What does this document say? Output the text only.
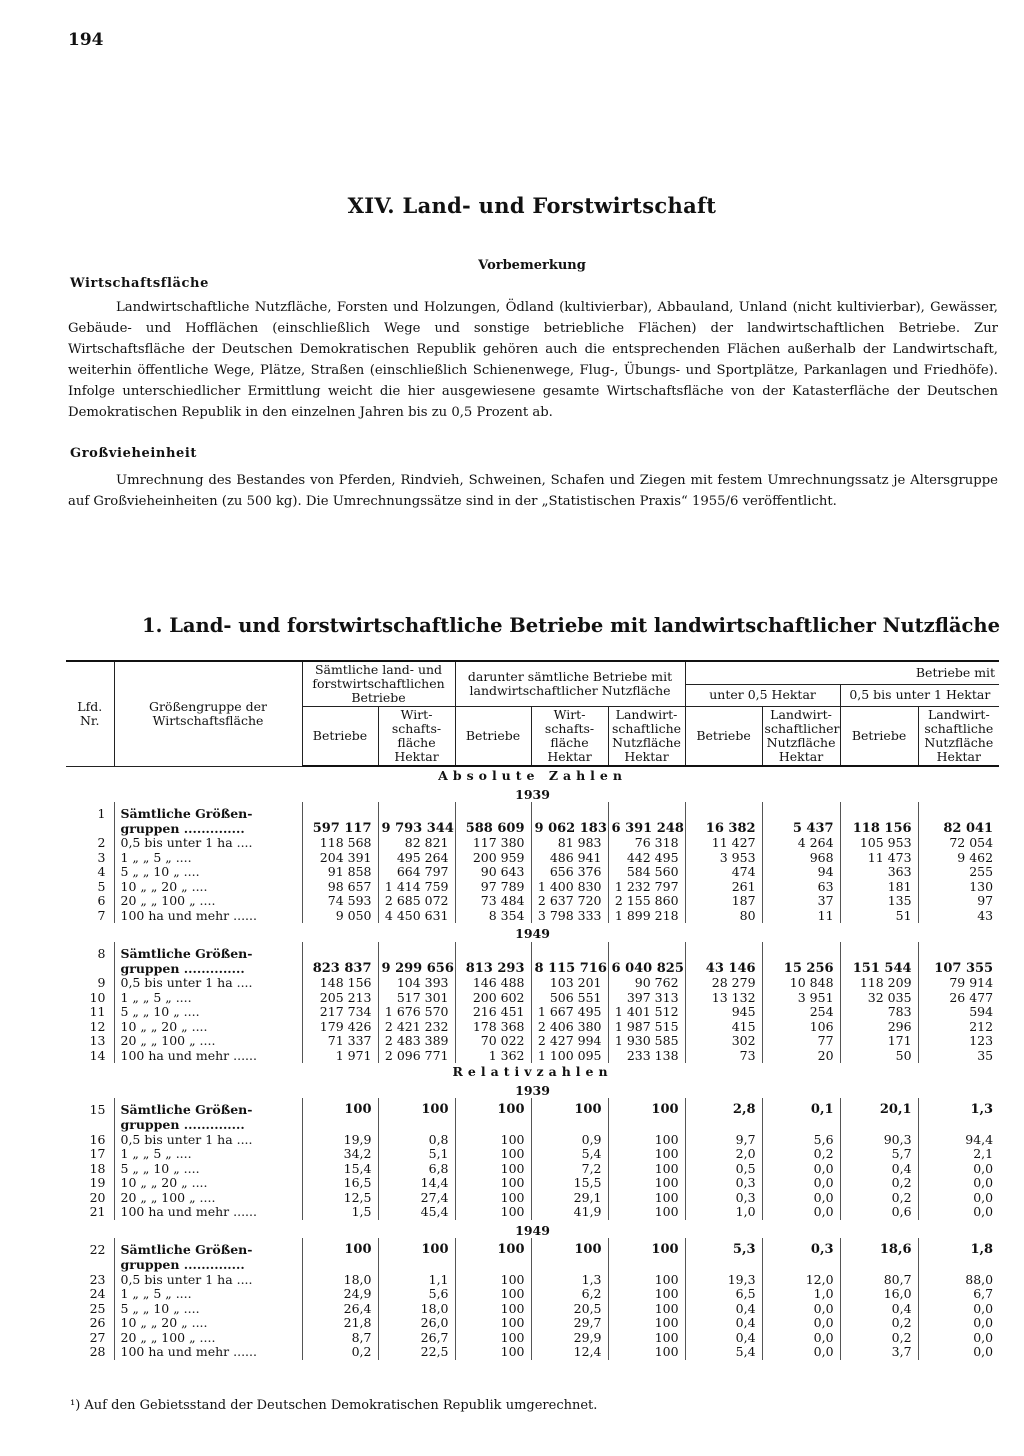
194
XIV. Land- und Forstwirtschaft
Vorbemerkung
Wirtschaftsfläche
Landwirtschaftliche Nutzfläche, Forsten und Holzungen, Ödland (kultivierbar), Abbauland, Unland (nicht kultivierbar), Gewässer, Gebäude- und Hofflächen (einschließlich Wege und sonstige betriebliche Flächen) der landwirtschaftlichen Betriebe. Zur Wirtschaftsfläche der Deutschen Demokratischen Republik gehören auch die entsprechenden Flächen außerhalb der Landwirtschaft, weiterhin öffentliche Wege, Plätze, Straßen (einschließlich Schienenwege, Flug-, Übungs- und Sportplätze, Parkanlagen und Friedhöfe). Infolge unterschiedlicher Ermittlung weicht die hier ausgewiesene gesamte Wirtschaftsfläche von der Katasterfläche der Deutschen Demokratischen Republik in den einzelnen Jahren bis zu 0,5 Prozent ab.
Großvieheinheit
Umrechnung des Bestandes von Pferden, Rindvieh, Schweinen, Schafen und Ziegen mit festem Umrechnungssatz je Altersgruppe auf Großvieheinheiten (zu 500 kg). Die Umrechnungssätze sind in der „Statistischen Praxis“ 1955/6 veröffentlicht.
1. Land- und forstwirtschaftliche Betriebe mit landwirtschaftlicher Nutzfläche
Lfd. Nr.	Größengruppe der Wirtschaftsfläche	Sämtliche land- und forstwirtschaftlichen Betriebe		darunter sämtliche Betriebe mit landwirtschaftlicher Nutzfläche			Betriebe mit			
							unter 0,5 Hektar		0,5 bis unter 1 Hektar	
		Betriebe	Wirt-schafts-fläche Hektar	Betriebe	Wirt-schafts-fläche Hektar	Landwirt-schaftliche Nutzfläche Hektar	Betriebe	Landwirt-schaftlicher Nutzfläche Hektar	Betriebe	Landwirt-schaftliche Nutzfläche Hektar
Absolute Zahlen										
1939										

1	Sämtliche Größen-									
	gruppen ..............	597 117	9 793 344	588 609	9 062 183	6 391 248	16 382	5 437	118 156	82 041
2	0,5 bis unter 1 ha ....	118 568	82 821	117 380	81 983	76 318	11 427	4 264	105 953	72 054
3	1 „ „ 5 „ ....	204 391	495 264	200 959	486 941	442 495	3 953	968	11 473	9 462
4	5 „ „ 10 „ ....	91 858	664 797	90 643	656 376	584 560	474	94	363	255
5	10 „ „ 20 „ ....	98 657	1 414 759	97 789	1 400 830	1 232 797	261	63	181	130
6	20 „ „ 100 „ ....	74 593	2 685 072	73 484	2 637 720	2 155 860	187	37	135	97
7	100 ha und mehr ......	9 050	4 450 631	8 354	3 798 333	1 899 218	80	11	51	43
1949										

8	Sämtliche Größen-									
	gruppen ..............	823 837	9 299 656	813 293	8 115 716	6 040 825	43 146	15 256	151 544	107 355
9	0,5 bis unter 1 ha ....	148 156	104 393	146 488	103 201	90 762	28 279	10 848	118 209	79 914
10	1 „ „ 5 „ ....	205 213	517 301	200 602	506 551	397 313	13 132	3 951	32 035	26 477
11	5 „ „ 10 „ ....	217 734	1 676 570	216 451	1 667 495	1 401 512	945	254	783	594
12	10 „ „ 20 „ ....	179 426	2 421 232	178 368	2 406 380	1 987 515	415	106	296	212
13	20 „ „ 100 „ ....	71 337	2 483 389	70 022	2 427 994	1 930 585	302	77	171	123
14	100 ha und mehr ......	1 971	2 096 771	1 362	1 100 095	233 138	73	20	50	35
Relativzahlen										
1939										

15	Sämtliche Größen-	100	100	100	100	100	2,8	0,1	20,1	1,3
	gruppen ..............									
16	0,5 bis unter 1 ha ....	19,9	0,8	100	0,9	100	9,7	5,6	90,3	94,4
17	1 „ „ 5 „ ....	34,2	5,1	100	5,4	100	2,0	0,2	5,7	2,1
18	5 „ „ 10 „ ....	15,4	6,8	100	7,2	100	0,5	0,0	0,4	0,0
19	10 „ „ 20 „ ....	16,5	14,4	100	15,5	100	0,3	0,0	0,2	0,0
20	20 „ „ 100 „ ....	12,5	27,4	100	29,1	100	0,3	0,0	0,2	0,0
21	100 ha und mehr ......	1,5	45,4	100	41,9	100	1,0	0,0	0,6	0,0
1949										

22	Sämtliche Größen-	100	100	100	100	100	5,3	0,3	18,6	1,8
	gruppen ..............									
23	0,5 bis unter 1 ha ....	18,0	1,1	100	1,3	100	19,3	12,0	80,7	88,0
24	1 „ „ 5 „ ....	24,9	5,6	100	6,2	100	6,5	1,0	16,0	6,7
25	5 „ „ 10 „ ....	26,4	18,0	100	20,5	100	0,4	0,0	0,4	0,0
26	10 „ „ 20 „ ....	21,8	26,0	100	29,7	100	0,4	0,0	0,2	0,0
27	20 „ „ 100 „ ....	8,7	26,7	100	29,9	100	0,4	0,0	0,2	0,0
28	100 ha und mehr ......	0,2	22,5	100	12,4	100	5,4	0,0	3,7	0,0
¹) Auf den Gebietsstand der Deutschen Demokratischen Republik umgerechnet.
